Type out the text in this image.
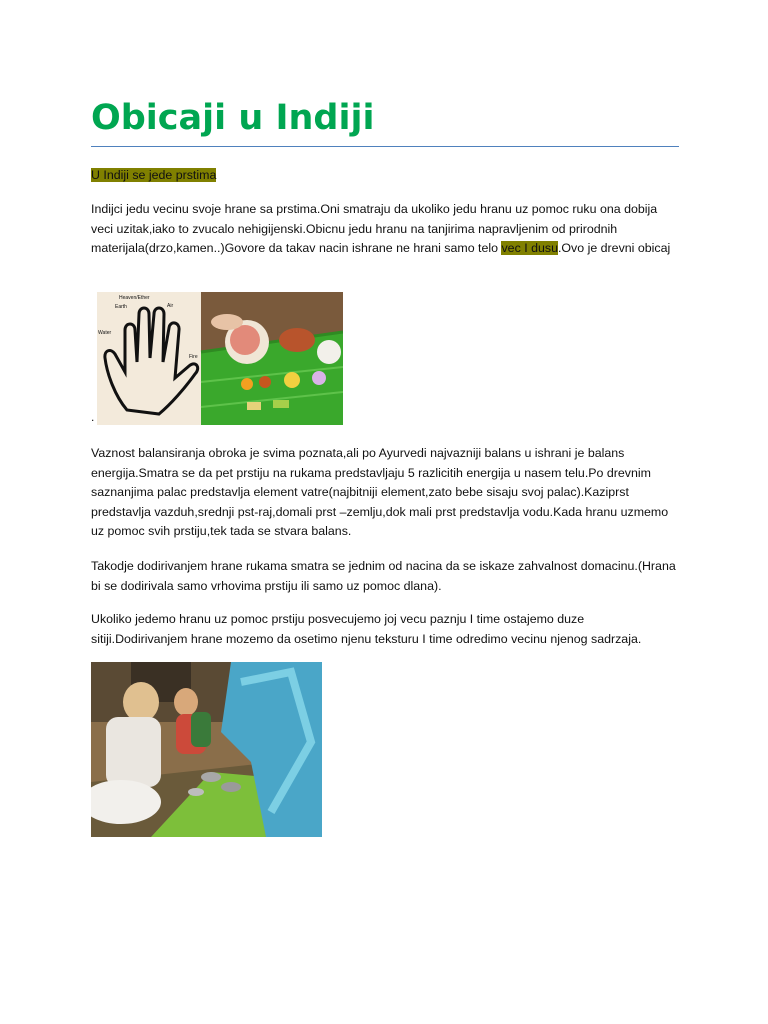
Obicaji u Indiji
U Indiji se jede prstima

Indijci jedu vecinu svoje hrane sa prstima.Oni smatraju da ukoliko jedu hranu uz pomoc ruku ona dobija veci uzitak,iako to zvucalo nehigijenski.Obicnu jedu hranu na tanjirima napravljenim od prirodnih materijala(drzo,kamen..)Govore da takav nacin ishrane ne hrani samo telo vec I dusu.Ovo je drevni obicaj

Heaven/Ether
Earth	Air
Water
Fire
.

Vaznost balansiranja obroka je svima poznata,ali po Ayurvedi najvazniji balans u ishrani je balans energija.Smatra se da pet prstiju na rukama predstavljaju 5 razlicitih energija u nasem telu.Po drevnim saznanjima palac predstavlja element vatre(najbitniji element,zato bebe sisaju svoj palac).Kaziprst predstavlja vazduh,srednji pst-raj,domali prst –zemlju,dok mali prst predstavlja vodu.Kada hranu uzmemo uz pomoc svih prstiju,tek tada se stvara balans.

Takodje dodirivanjem hrane rukama smatra se jednim od nacina da se iskaze zahvalnost domacinu.(Hrana bi se dodirivala samo vrhovima prstiju ili samo uz pomoc dlana).

Ukoliko jedemo hranu uz pomoc prstiju posvecujemo joj vecu paznju I time ostajemo duze sitiji.Dodirivanjem hrane mozemo da osetimo njenu teksturu I time odredimo vecinu njenog sadrzaja.
